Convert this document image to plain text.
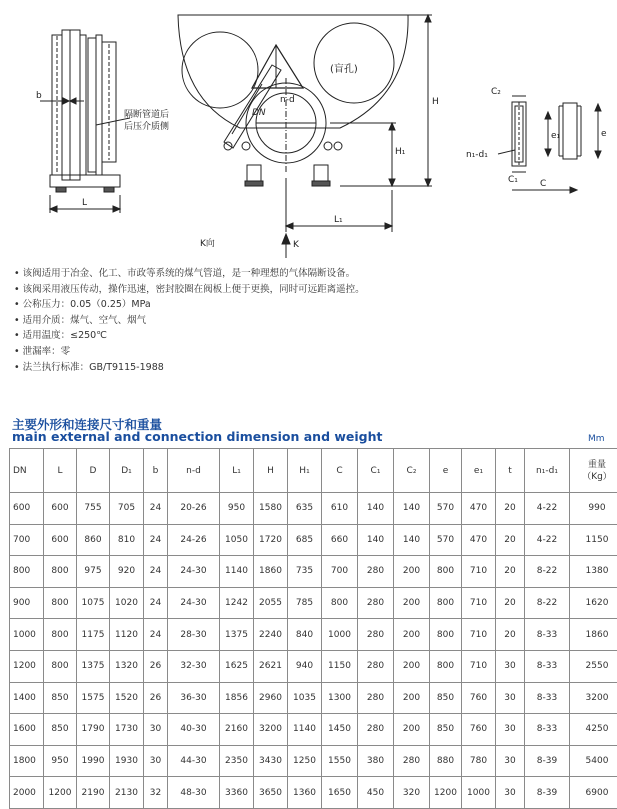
b
L
隔断管道后
后压介质侧
(盲孔)
n-d
DN
H
H₁
L₁
K向	K
C₂
C₁ C
e₁	e
n₁-d₁
• 该阀适用于冶金、化工、市政等系统的煤气管道，是一种理想的气体隔断设备。
• 该阀采用液压传动，操作迅速，密封胶圈在阀板上便于更换，同时可远距离遥控。
• 公称压力：0.05（0.25）MPa
• 适用介质：煤气、空气、烟气
• 适用温度：≤250℃
• 泄漏率：零
• 法兰执行标准：GB/T9115-1988
主要外形和连接尺寸和重量
main external and connection dimension and weight	Mm
DN	L	D	D₁	b	n-d	L₁	H	H₁	C	C₁	C₂	e	e₁	t	n₁-d₁	重量
（Kg）

600	600	755	705	24	20-26	950	1580	635	610	140	140	570	470	20	4-22	990
700	600	860	810	24	24-26	1050	1720	685	660	140	140	570	470	20	4-22	1150
800	800	975	920	24	24-30	1140	1860	735	700	280	200	800	710	20	8-22	1380
900	800	1075	1020	24	24-30	1242	2055	785	800	280	200	800	710	20	8-22	1620
1000	800	1175	1120	24	28-30	1375	2240	840	1000	280	200	800	710	20	8-33	1860
1200	800	1375	1320	26	32-30	1625	2621	940	1150	280	200	800	710	30	8-33	2550
1400	850	1575	1520	26	36-30	1856	2960	1035	1300	280	200	850	760	30	8-33	3200
1600	850	1790	1730	30	40-30	2160	3200	1140	1450	280	200	850	760	30	8-33	4250
1800	950	1990	1930	30	44-30	2350	3430	1250	1550	380	280	880	780	30	8-39	5400
2000	1200	2190	2130	32	48-30	3360	3650	1360	1650	450	320	1200	1000	30	8-39	6900
